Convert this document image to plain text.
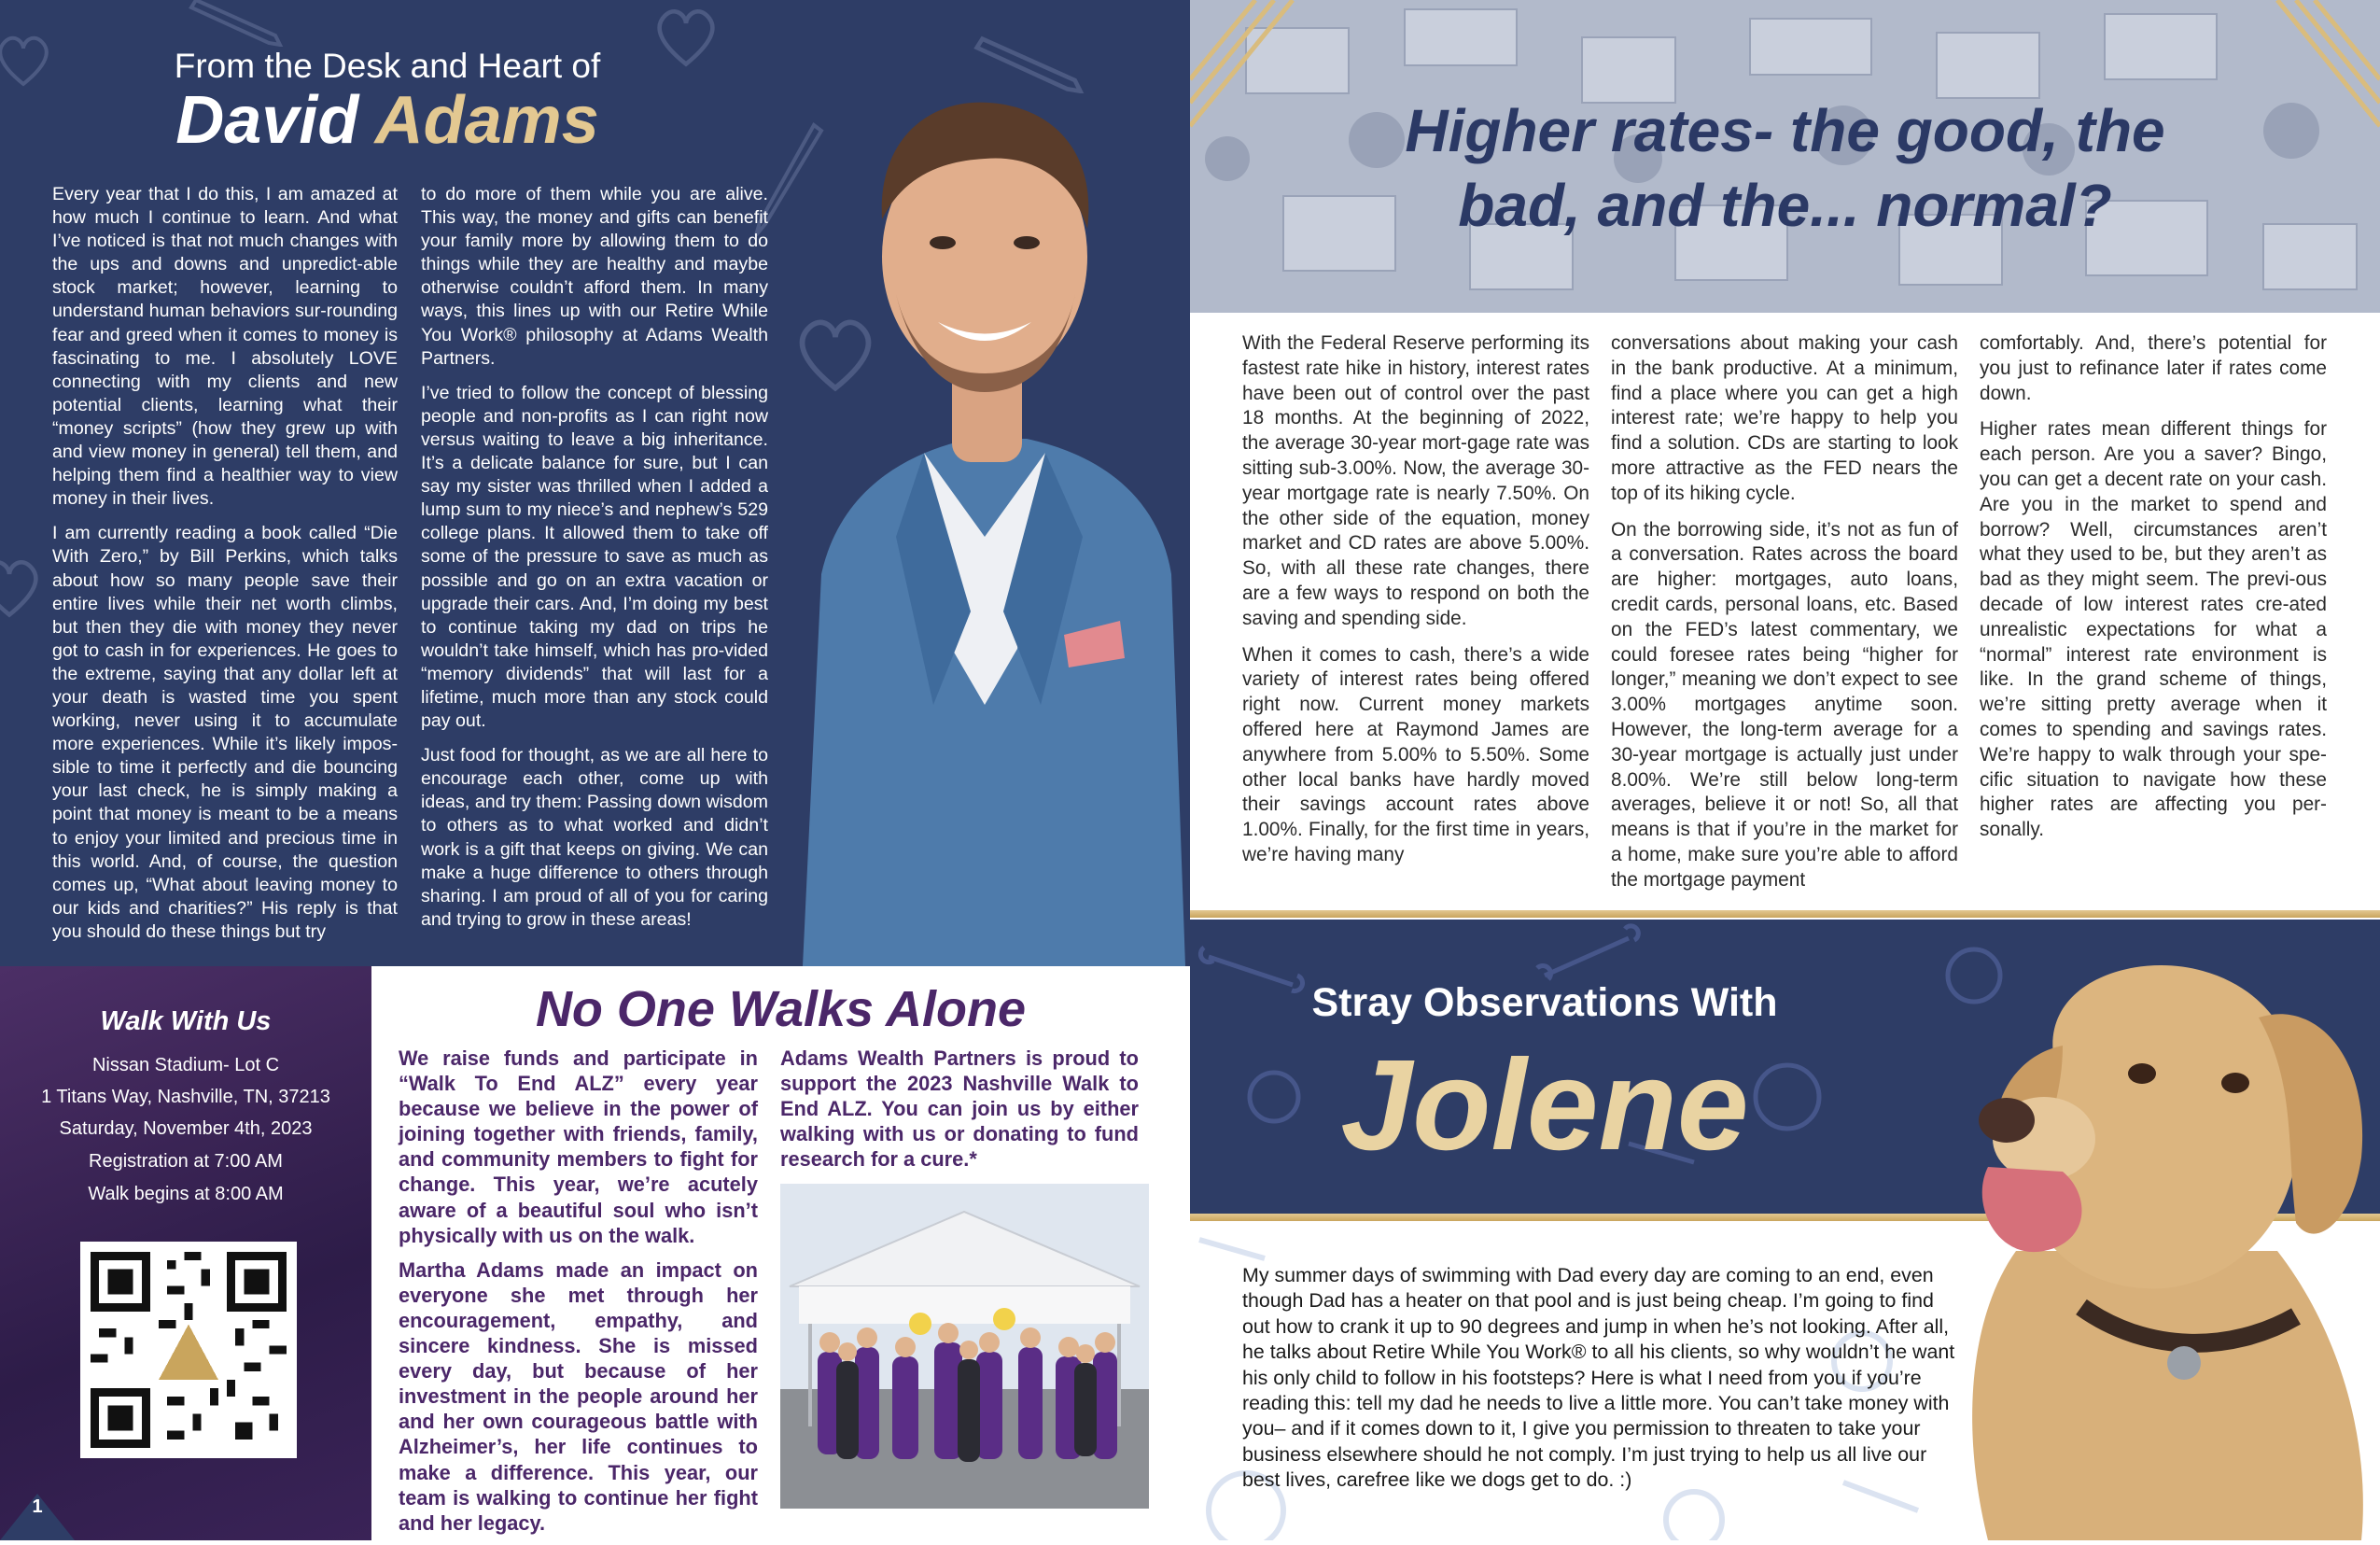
From the Desk and Heart of
David Adams

Every year that I do this, I am amazed at how much I continue to learn. And what I’ve noticed is that not much changes with the ups and downs and unpredict-able stock market; however, learning to understand human behaviors sur-rounding fear and greed when it comes to money is fascinating to me. I absolutely LOVE connecting with my clients and new potential clients, learning what their “money scripts” (how they grew up with and view money in general) tell them, and helping them find a healthier way to view money in their lives.

I am currently reading a book called “Die With Zero,” by Bill Perkins, which talks about how so many people save their entire lives while their net worth climbs, but then they die with money they never got to cash in for experiences. He goes to the extreme, saying that any dollar left at your death is wasted time you spent working, never using it to accumulate more experiences. While it’s likely impos-sible to time it perfectly and die bouncing your last check, he is simply making a point that money is meant to be a means to enjoy your limited and precious time in this world. And, of course, the question comes up, “What about leaving money to our kids and charities?” His reply is that you should do these things but try

to do more of them while you are alive. This way, the money and gifts can benefit your family more by allowing them to do things while they are healthy and maybe otherwise couldn’t afford them. In many ways, this lines up with our Retire While You Work® philosophy at Adams Wealth Partners.

I’ve tried to follow the concept of blessing people and non-profits as I can right now versus waiting to leave a big inheritance. It’s a delicate balance for sure, but I can say my sister was thrilled when I added a lump sum to my niece’s and nephew’s 529 college plans. It allowed them to take off some of the pressure to save as much as possible and go on an extra vacation or upgrade their cars. And, I’m doing my best to continue taking my dad on trips he wouldn’t take himself, which has pro-vided “memory dividends” that will last for a lifetime, much more than any stock could pay out.

Just food for thought, as we are all here to encourage each other, come up with ideas, and try them: Passing down wisdom to others as to what worked and didn’t work is a gift that keeps on giving. We can make a huge difference to others through sharing. I am proud of all of you for caring and trying to grow in these areas!

Higher rates- the good, the
bad, and the... normal?

With the Federal Reserve performing its fastest rate hike in history, interest rates have been out of control over the past 18 months. At the beginning of 2022, the average 30-year mort-gage rate was sitting sub-3.00%. Now, the average 30-year mortgage rate is nearly 7.50%. On the other side of the equation, money market and CD rates are above 5.00%. So, with all these rate changes, there are a few ways to respond on both the saving and spending side.

When it comes to cash, there’s a wide variety of interest rates being offered right now. Current money markets offered here at Raymond James are anywhere from 5.00% to 5.50%. Some other local banks have hardly moved their savings account rates above 1.00%. Finally, for the first time in years, we’re having many

conversations about making your cash in the bank productive. At a minimum, find a place where you can get a high interest rate; we’re happy to help you find a solution. CDs are starting to look more attractive as the FED nears the top of its hiking cycle.

On the borrowing side, it’s not as fun of a conversation. Rates across the board are higher: mortgages, auto loans, credit cards, personal loans, etc. Based on the FED’s latest commentary, we could foresee rates being “higher for longer,” meaning we don’t expect to see 3.00% mortgages anytime soon. However, the long-term average for a 30-year mortgage is actually just under 8.00%. We’re still below long-term averages, believe it or not! So, all that means is that if you’re in the market for a home, make sure you’re able to afford the mortgage payment

comfortably. And, there’s potential for you just to refinance later if rates come down.

Higher rates mean different things for each person. Are you a saver? Bingo, you can get a decent rate on your cash. Are you in the market to spend and borrow? Well, circumstances aren’t what they used to be, but they aren’t as bad as they might seem. The previ-ous decade of low interest rates cre-ated unrealistic expectations for what a “normal” interest rate environment is like. In the grand scheme of things, we’re sitting pretty average when it comes to spending and savings rates. We’re happy to walk through your spe-cific situation to navigate how these higher rates are affecting you per-sonally.

Walk With Us
Nissan Stadium- Lot C
1 Titans Way, Nashville, TN, 37213
Saturday, November 4th, 2023
Registration at 7:00 AM
Walk begins at 8:00 AM
1
No One Walks Alone

We raise funds and participate in “Walk To End ALZ” every year because we believe in the power of joining together with friends, family, and community members to fight for change. This year, we’re acutely aware of a beautiful soul who isn’t physically with us on the walk.

Martha Adams made an impact on everyone she met through her encouragement, empathy, and sincere kindness. She is missed every day, but because of her investment in the people around her and her own courageous battle with Alzheimer’s, her life continues to make a difference. This year, our team is walking to continue her fight and her legacy.

Adams Wealth Partners is proud to support the 2023 Nashville Walk to End ALZ. You can join us by either walking with us or donating to fund research for a cure.*

Stray Observations With
Jolene
My summer days of swimming with Dad every day are coming to an end, even though Dad has a heater on that pool and is just being cheap. I’m going to find out how to crank it up to 90 degrees and jump in when he’s not looking. After all, he talks about Retire While You Work® to all his clients, so why wouldn’t he want his only child to follow in his footsteps? Here is what I need from you if you’re reading this: tell my dad he needs to live a little more. You can’t take money with you– and if it comes down to it, I give you permission to threaten to take your business elsewhere should he not comply. I’m just trying to help us all live our best lives, carefree like we dogs get to do. :)
